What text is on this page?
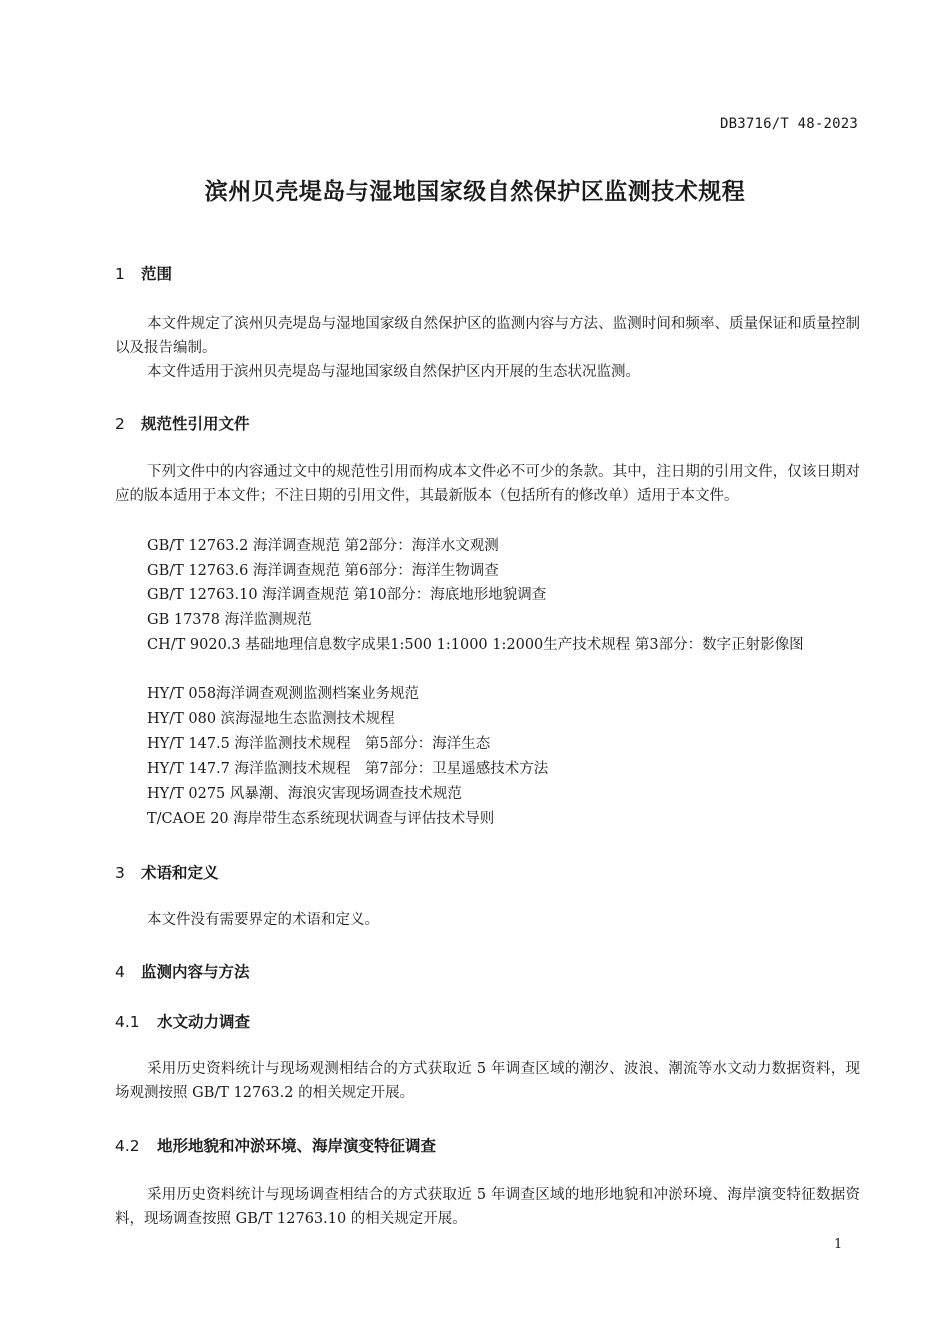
DB3716/T 48-2023
滨州贝壳堤岛与湿地国家级自然保护区监测技术规程
1 范围
本文件规定了滨州贝壳堤岛与湿地国家级自然保护区的监测内容与方法、监测时间和频率、质量保证和质量控制以及报告编制。
本文件适用于滨州贝壳堤岛与湿地国家级自然保护区内开展的生态状况监测。
2 规范性引用文件
下列文件中的内容通过文中的规范性引用而构成本文件必不可少的条款。其中，注日期的引用文件，仅该日期对应的版本适用于本文件；不注日期的引用文件，其最新版本（包括所有的修改单）适用于本文件。
GB/T 12763.2 海洋调查规范 第2部分：海洋水文观测
GB/T 12763.6 海洋调查规范 第6部分：海洋生物调查
GB/T 12763.10 海洋调查规范 第10部分：海底地形地貌调查
GB 17378 海洋监测规范
CH/T 9020.3 基础地理信息数字成果1:500 1:1000 1:2000生产技术规程 第3部分：数字正射影像图
HY/T 058海洋调查观测监测档案业务规范
HY/T 080 滨海湿地生态监测技术规程
HY/T 147.5 海洋监测技术规程　第5部分：海洋生态
HY/T 147.7 海洋监测技术规程　第7部分：卫星遥感技术方法
HY/T 0275 风暴潮、海浪灾害现场调查技术规范
T/CAOE 20 海岸带生态系统现状调查与评估技术导则
3 术语和定义
本文件没有需要界定的术语和定义。
4 监测内容与方法
4.1 水文动力调查
采用历史资料统计与现场观测相结合的方式获取近 5 年调查区域的潮汐、波浪、潮流等水文动力数据资料，现场观测按照 GB/T 12763.2 的相关规定开展。
4.2 地形地貌和冲淤环境、海岸演变特征调查
采用历史资料统计与现场调查相结合的方式获取近 5 年调查区域的地形地貌和冲淤环境、海岸演变特征数据资料，现场调查按照 GB/T 12763.10 的相关规定开展。
1
